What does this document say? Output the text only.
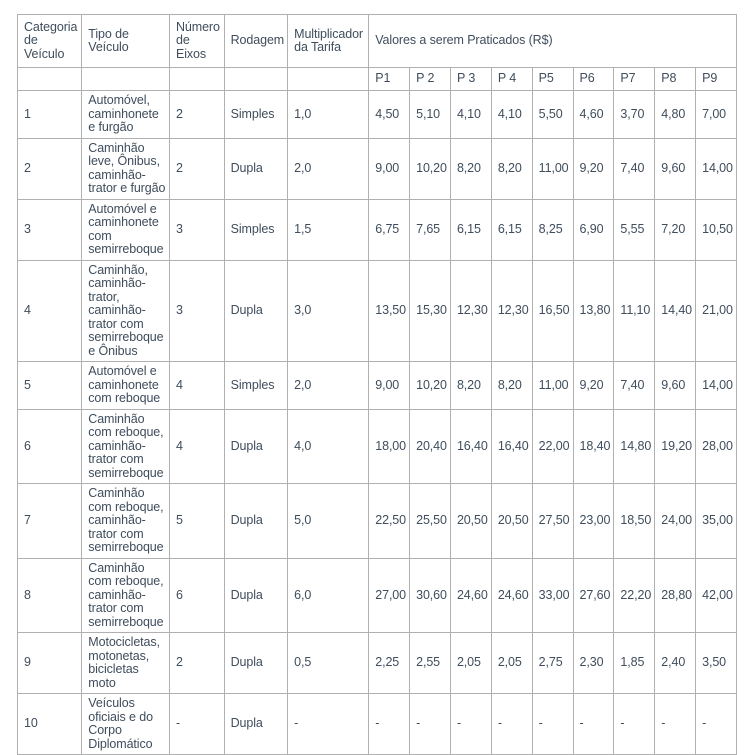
Categoria de Veículo	Tipo de Veículo	Número de Eixos	Rodagem	Multiplicador da Tarifa	Valores a serem Praticados (R$)								
					P1	P 2	P 3	P 4	P5	P6	P7	P8	P9
1	Automóvel, caminhonete e furgão	2	Simples	1,0	4,50	5,10	4,10	4,10	5,50	4,60	3,70	4,80	7,00
2	Caminhão leve, Ônibus, caminhão-trator e furgão	2	Dupla	2,0	9,00	10,20	8,20	8,20	11,00	9,20	7,40	9,60	14,00
3	Automóvel e caminhonete com semirreboque	3	Simples	1,5	6,75	7,65	6,15	6,15	8,25	6,90	5,55	7,20	10,50
4	Caminhão, caminhão-trator, caminhão-trator com semirreboque e Ônibus	3	Dupla	3,0	13,50	15,30	12,30	12,30	16,50	13,80	11,10	14,40	21,00
5	Automóvel e caminhonete com reboque	4	Simples	2,0	9,00	10,20	8,20	8,20	11,00	9,20	7,40	9,60	14,00
6	Caminhão com reboque, caminhão-trator com semirreboque	4	Dupla	4,0	18,00	20,40	16,40	16,40	22,00	18,40	14,80	19,20	28,00
7	Caminhão com reboque, caminhão-trator com semirreboque	5	Dupla	5,0	22,50	25,50	20,50	20,50	27,50	23,00	18,50	24,00	35,00
8	Caminhão com reboque, caminhão-trator com semirreboque	6	Dupla	6,0	27,00	30,60	24,60	24,60	33,00	27,60	22,20	28,80	42,00
9	Motocicletas, motonetas, bicicletas moto	2	Dupla	0,5	2,25	2,55	2,05	2,05	2,75	2,30	1,85	2,40	3,50
10	Veículos oficiais e do Corpo Diplomático	-	Dupla	-	-	-	-	-	-	-	-	-	-
